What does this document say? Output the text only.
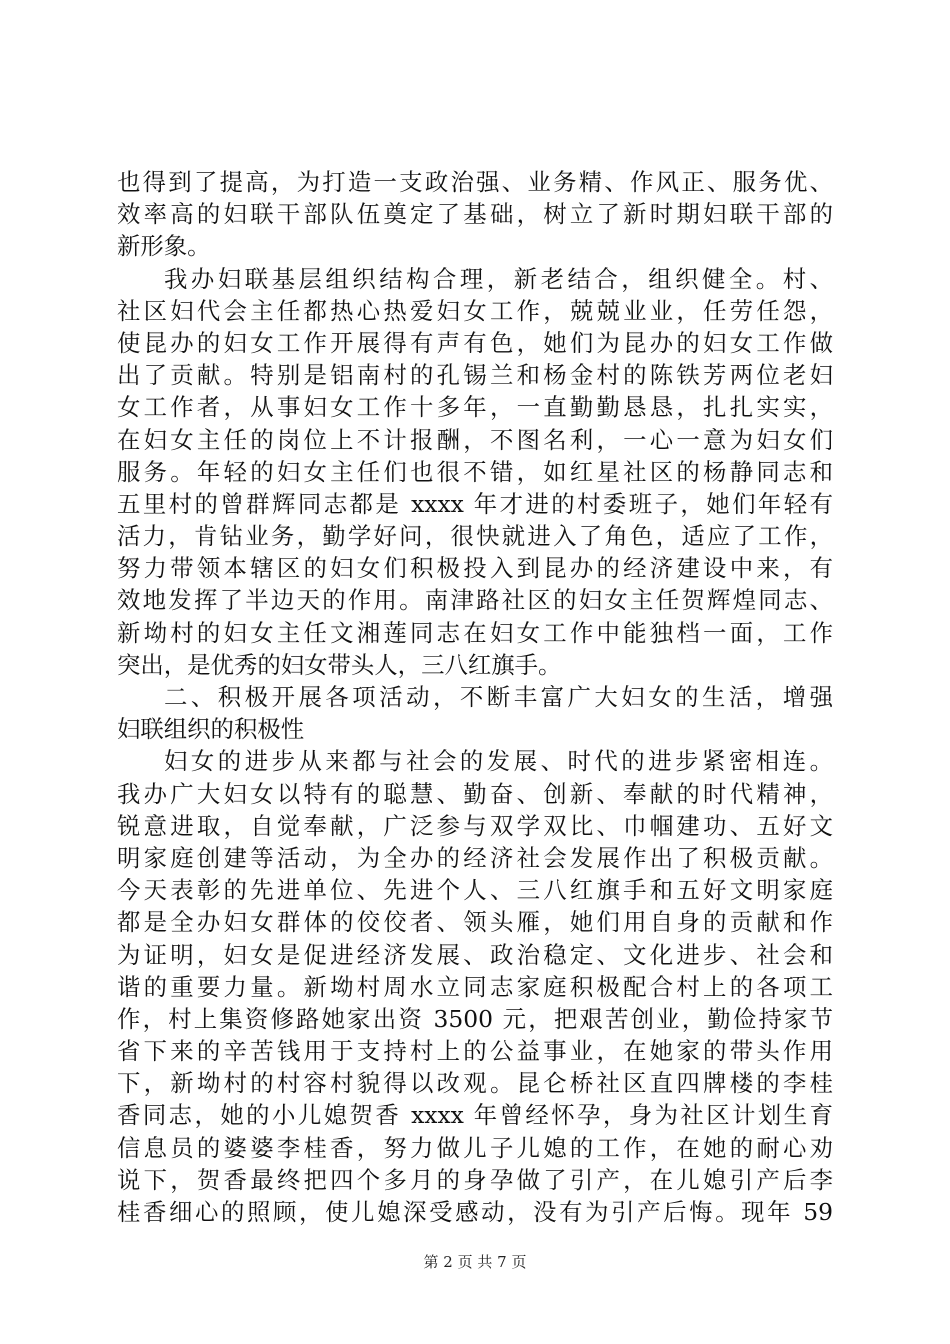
也得到了提高，为打造一支政治强、业务精、作风正、服务优、
效率高的妇联干部队伍奠定了基础，树立了新时期妇联干部的
新形象。
我办妇联基层组织结构合理，新老结合，组织健全。村、
社区妇代会主任都热心热爱妇女工作，兢兢业业，任劳任怨，
使昆办的妇女工作开展得有声有色，她们为昆办的妇女工作做
出了贡献。特别是铝南村的孔锡兰和杨金村的陈铁芳两位老妇
女工作者，从事妇女工作十多年，一直勤勤恳恳，扎扎实实，
在妇女主任的岗位上不计报酬，不图名利，一心一意为妇女们
服务。年轻的妇女主任们也很不错，如红星社区的杨静同志和
五里村的曾群辉同志都是 xxxx 年才进的村委班子，她们年轻有
活力，肯钻业务，勤学好问，很快就进入了角色，适应了工作，
努力带领本辖区的妇女们积极投入到昆办的经济建设中来，有
效地发挥了半边天的作用。南津路社区的妇女主任贺辉煌同志、
新坳村的妇女主任文湘莲同志在妇女工作中能独档一面，工作
突出，是优秀的妇女带头人，三八红旗手。
二、积极开展各项活动，不断丰富广大妇女的生活，增强
妇联组织的积极性
妇女的进步从来都与社会的发展、时代的进步紧密相连。
我办广大妇女以特有的聪慧、勤奋、创新、奉献的时代精神，
锐意进取，自觉奉献，广泛参与双学双比、巾帼建功、五好文
明家庭创建等活动，为全办的经济社会发展作出了积极贡献。
今天表彰的先进单位、先进个人、三八红旗手和五好文明家庭
都是全办妇女群体的佼佼者、领头雁，她们用自身的贡献和作
为证明，妇女是促进经济发展、政治稳定、文化进步、社会和
谐的重要力量。新坳村周水立同志家庭积极配合村上的各项工
作，村上集资修路她家出资 3500 元，把艰苦创业，勤俭持家节
省下来的辛苦钱用于支持村上的公益事业，在她家的带头作用
下，新坳村的村容村貌得以改观。昆仑桥社区直四牌楼的李桂
香同志，她的小儿媳贺香 xxxx 年曾经怀孕，身为社区计划生育
信息员的婆婆李桂香，努力做儿子儿媳的工作，在她的耐心劝
说下，贺香最终把四个多月的身孕做了引产，在儿媳引产后李
桂香细心的照顾，使儿媳深受感动，没有为引产后悔。现年 59
第 2 页 共 7 页
